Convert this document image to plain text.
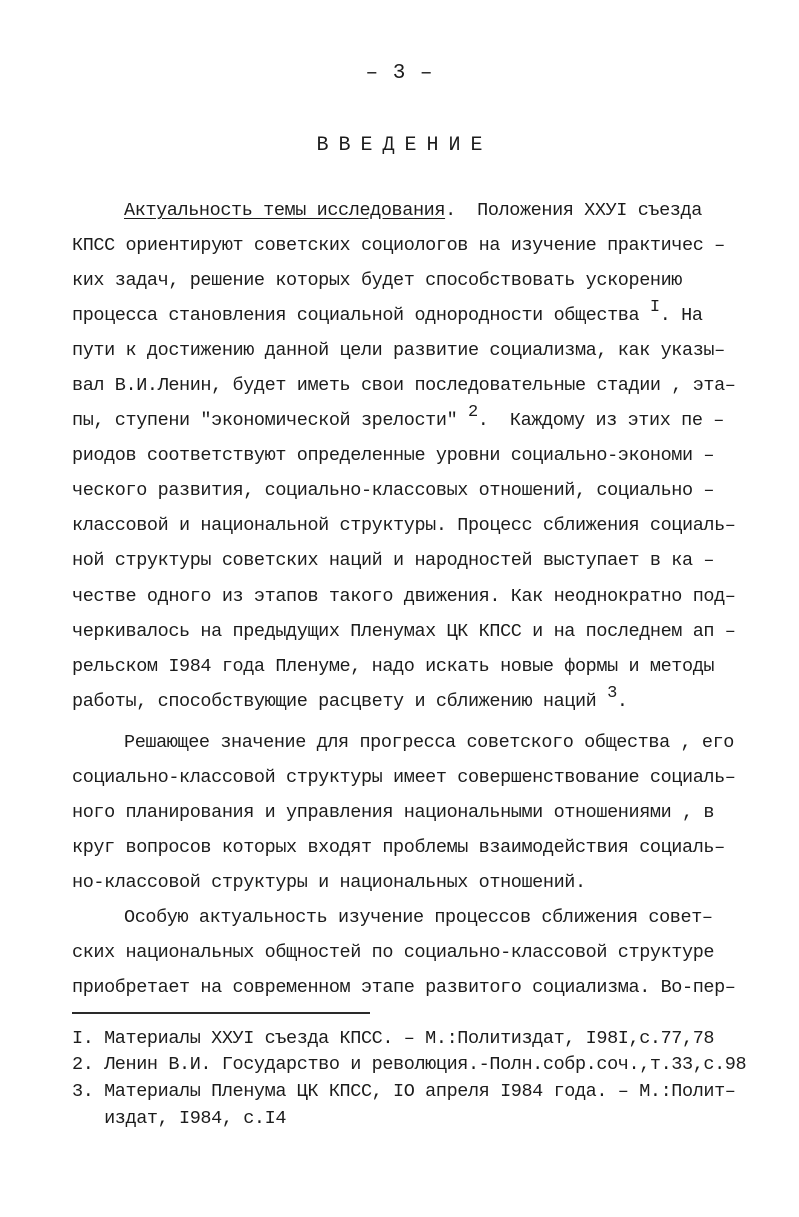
– 3 –
ВВЕДЕНИЕ
Актуальность темы исследования.  Положения XXУI съезда
КПСС ориентируют советских социологов на изучение практичес –
ких задач, решение которых будет способствовать ускорению
процесса становления социальной однородности общества I. На
пути к достижению данной цели развитие социализма, как указы–
вал В.И.Ленин, будет иметь свои последовательные стадии , эта–
пы, ступени "экономической зрелости" 2.  Каждому из этих пе –
риодов соответствуют определенные уровни социально-экономи –
ческого развития, социально-классовых отношений, социально –
классовой и национальной структуры. Процесс сближения социаль–
ной структуры советских наций и народностей выступает в ка –
честве одного из этапов такого движения. Как неоднократно под–
черкивалось на предыдущих Пленумах ЦК КПСС и на последнем ап –
рельском I984 года Пленуме, надо искать новые формы и методы
работы, способствующие расцвету и сближению наций 3.
Решающее значение для прогресса советского общества , его
социально-классовой структуры имеет совершенствование социаль–
ного планирования и управления национальными отношениями , в
круг вопросов которых входят проблемы взаимодействия социаль–
но-классовой структуры и национальных отношений.
Особую актуальность изучение процессов сближения совет–
ских национальных общностей по социально-классовой структуре
приобретает на современном этапе развитого социализма. Во-пер–
I. Материалы XXУI съезда КПСС. – М.:Политиздат, I98I,с.77,78
2. Ленин В.И. Государство и революция.-Полн.собр.соч.,т.33,с.98
3. Материалы Пленума ЦК КПСС, IО апреля I984 года. – М.:Полит–
издат, I984, с.I4
